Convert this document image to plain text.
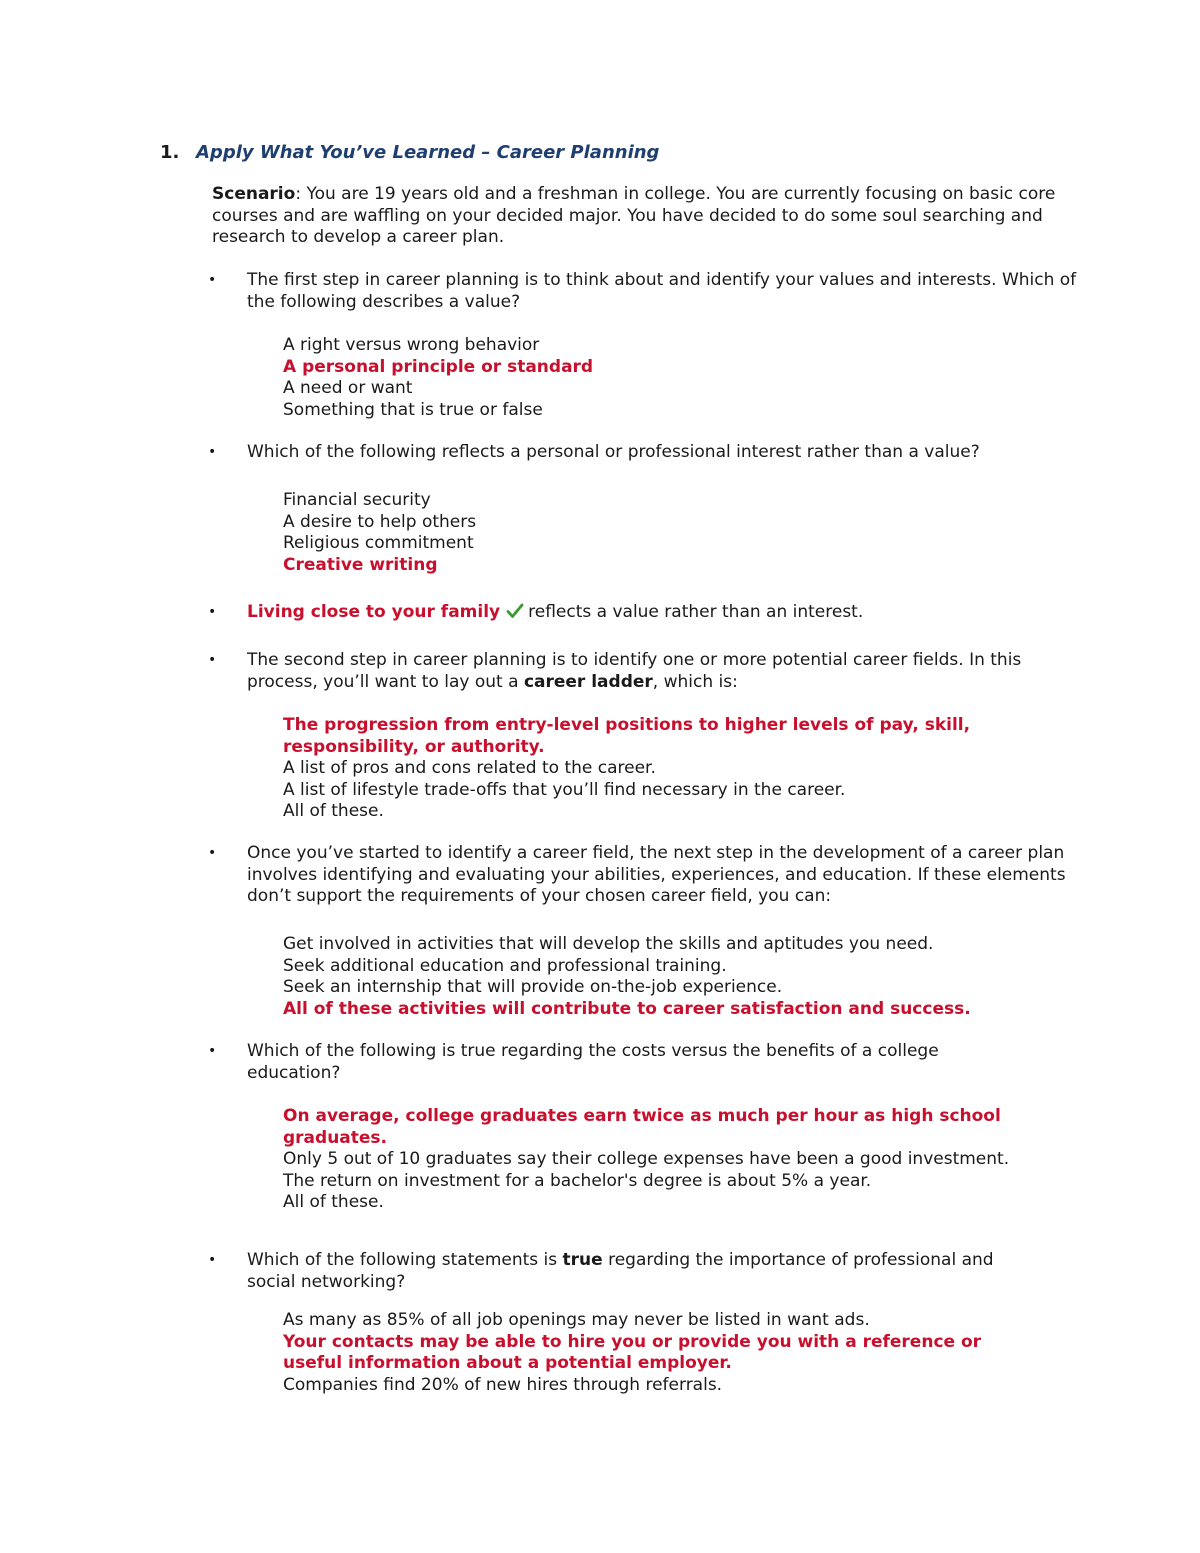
1. Apply What You’ve Learned – Career Planning
Scenario: You are 19 years old and a freshman in college. You are currently focusing on basic core courses and are waffling on your decided major. You have decided to do some soul searching and research to develop a career plan.
• The first step in career planning is to think about and identify your values and interests. Which of the following describes a value?
A right versus wrong behavior
A personal principle or standard
A need or want
Something that is true or false
• Which of the following reflects a personal or professional interest rather than a value?
Financial security
A desire to help others
Religious commitment
Creative writing
• Living close to your family reflects a value rather than an interest.
• The second step in career planning is to identify one or more potential career fields. In this process, you’ll want to lay out a career ladder, which is:
The progression from entry-level positions to higher levels of pay, skill, responsibility, or authority.
A list of pros and cons related to the career.
A list of lifestyle trade-offs that you’ll find necessary in the career.
All of these.
• Once you’ve started to identify a career field, the next step in the development of a career plan involves identifying and evaluating your abilities, experiences, and education. If these elements don’t support the requirements of your chosen career field, you can:
Get involved in activities that will develop the skills and aptitudes you need.
Seek additional education and professional training.
Seek an internship that will provide on-the-job experience.
All of these activities will contribute to career satisfaction and success.
• Which of the following is true regarding the costs versus the benefits of a college education?
On average, college graduates earn twice as much per hour as high school graduates.
Only 5 out of 10 graduates say their college expenses have been a good investment.
The return on investment for a bachelor's degree is about 5% a year.
All of these.
• Which of the following statements is true regarding the importance of professional and social networking?
As many as 85% of all job openings may never be listed in want ads.
Your contacts may be able to hire you or provide you with a reference or useful information about a potential employer.
Companies find 20% of new hires through referrals.
